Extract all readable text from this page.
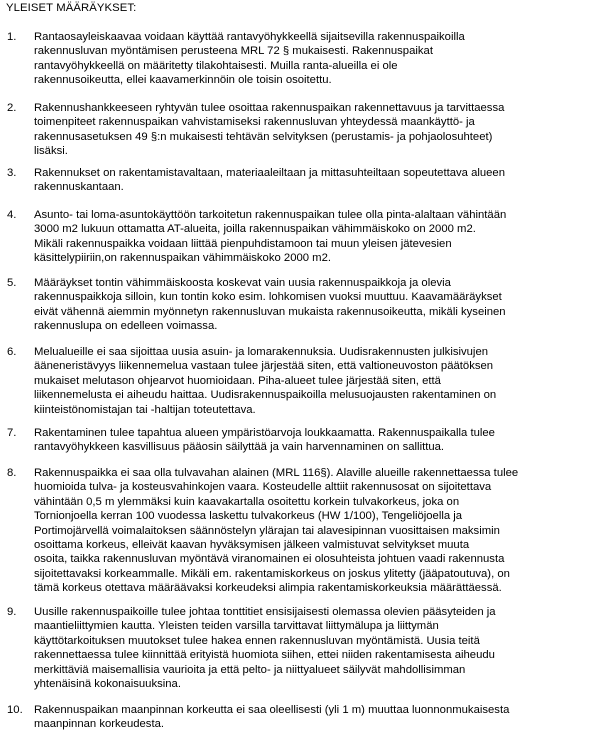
YLEISET MÄÄRÄYKSET:
1. Rantaosayleiskaavaa voidaan käyttää rantavyöhykkeellä sijaitsevilla rakennuspaikoilla
rakennusluvan myöntämisen perusteena MRL 72 § mukaisesti. Rakennuspaikat
rantavyöhykkeellä on määritetty tilakohtaisesti. Muilla ranta-alueilla ei ole
rakennusoikeutta, ellei kaavamerkinnöin ole toisin osoitettu.
2. Rakennushankkeeseen ryhtyvän tulee osoittaa rakennuspaikan rakennettavuus ja tarvittaessa
toimenpiteet rakennuspaikan vahvistamiseksi rakennusluvan yhteydessä maankäyttö- ja
rakennusasetuksen 49 §:n mukaisesti tehtävän selvityksen (perustamis- ja pohjaolosuhteet)
lisäksi.
3. Rakennukset on rakentamistavaltaan, materiaaleiltaan ja mittasuhteiltaan sopeutettava alueen
rakennuskantaan.
4. Asunto- tai loma-asuntokäyttöön tarkoitetun rakennuspaikan tulee olla pinta-alaltaan vähintään
3000 m2 lukuun ottamatta AT-alueita, joilla rakennuspaikan vähimmäiskoko on 2000 m2.
Mikäli rakennuspaikka voidaan liittää pienpuhdistamoon tai muun yleisen jätevesien
käsittelypiiriin,on rakennuspaikan vähimmäiskoko 2000 m2.
5. Määräykset tontin vähimmäiskoosta koskevat vain uusia rakennuspaikkoja ja olevia
rakennuspaikkoja silloin, kun tontin koko esim. lohkomisen vuoksi muuttuu. Kaavamääräykset
eivät vähennä aiemmin myönnetyn rakennusluvan mukaista rakennusoikeutta, mikäli kyseinen
rakennuslupa on edelleen voimassa.
6. Melualueille ei saa sijoittaa uusia asuin- ja lomarakennuksia. Uudisrakennusten julkisivujen
ääneneristävyys liikennemelua vastaan tulee järjestää siten, että valtioneuvoston päätöksen
mukaiset melutason ohjearvot huomioidaan. Piha-alueet tulee järjestää siten, että
liikennemelusta ei aiheudu haittaa. Uudisrakennuspaikoilla melusuojausten rakentaminen on
kiinteistönomistajan tai -haltijan toteutettava.
7. Rakentaminen tulee tapahtua alueen ympäristöarvoja loukkaamatta. Rakennuspaikalla tulee
rantavyöhykkeen kasvillisuus pääosin säilyttää ja vain harvennaminen on sallittua.
8. Rakennuspaikka ei saa olla tulvavahan alainen (MRL 116§). Alaville alueille rakennettaessa tulee
huomioida tulva- ja kosteusvahinkojen vaara. Kosteudelle alttiit rakennusosat on sijoitettava
vähintään 0,5 m ylemmäksi kuin kaavakartalla osoitettu korkein tulvakorkeus, joka on
Tornionjoella kerran 100 vuodessa laskettu tulvakorkeus (HW 1/100), Tengeliöjoella ja
Portimojärvellä voimalaitoksen säännöstelyn ylärajan tai alavesipinnan vuosittaisen maksimin
osoittama korkeus, elleivät kaavan hyväksymisen jälkeen valmistuvat selvitykset muuta
osoita, taikka rakennusluvan myöntävä viranomainen ei olosuhteista johtuen vaadi rakennusta
sijoitettavaksi korkeammalle. Mikäli em. rakentamiskorkeus on joskus ylitetty (jääpatoutuva), on
tämä korkeus otettava määräävaksi korkeudeksi alimpia rakentamiskorkeuksia määrättäessä.
9. Uusille rakennuspaikoille tulee johtaa tonttitiet ensisijaisesti olemassa olevien pääsyteiden ja
maantieliittymien kautta. Yleisten teiden varsilla tarvittavat liittymälupa ja liittymän
käyttötarkoituksen muutokset tulee hakea ennen rakennusluvan myöntämistä. Uusia teitä
rakennettaessa tulee kiinnittää erityistä huomiota siihen, ettei niiden rakentamisesta aiheudu
merkittäviä maisemallisia vaurioita ja että pelto- ja niittyalueet säilyvät mahdollisimman
yhtenäisinä kokonaisuuksina.
10. Rakennuspaikan maanpinnan korkeutta ei saa oleellisesti (yli 1 m) muuttaa luonnonmukaisesta
maanpinnan korkeudesta.
